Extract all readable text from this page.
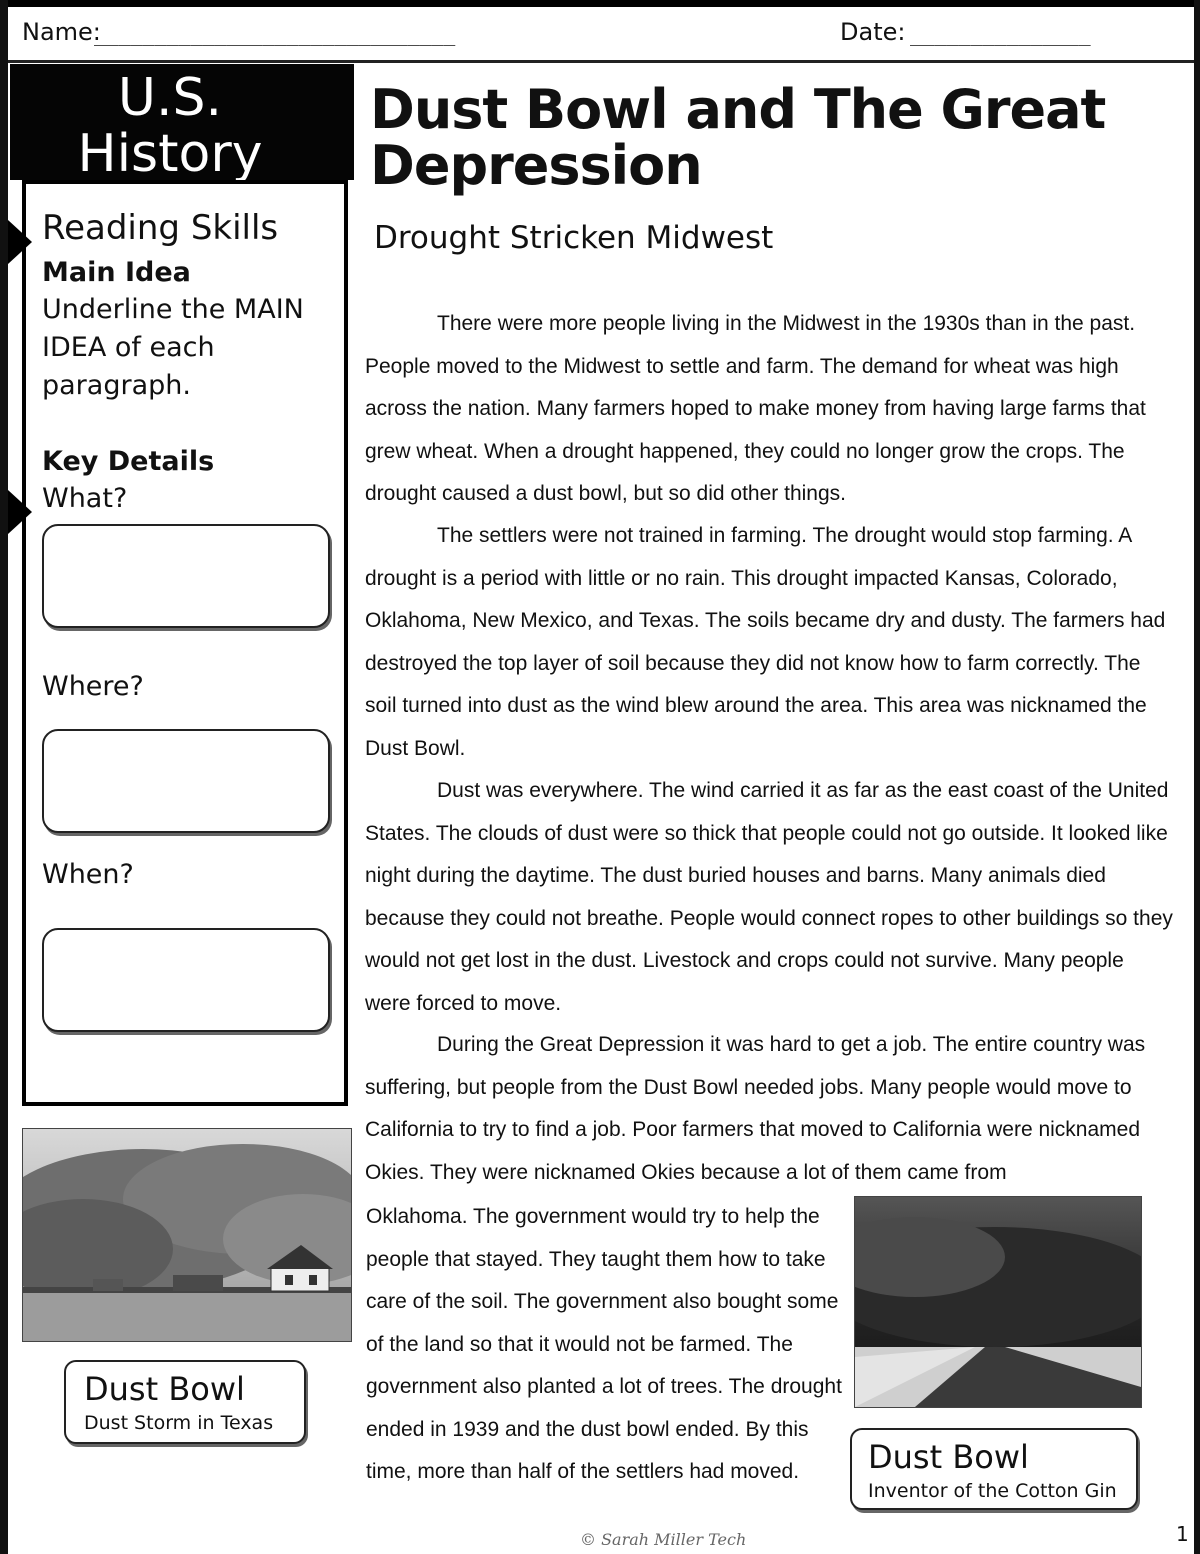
Name:
______________________________	Date: _______________
U.S.
History
Reading Skills
Main Idea
Underline the MAIN
IDEA of each
paragraph.
Key Details
What?
Where?
When?
Dust Bowl and The Great
Depression
Drought Stricken Midwest
There were more people living in the Midwest in the 1930s than in the past. People moved to the Midwest to settle and farm. The demand for wheat was high across the nation. Many farmers hoped to make money from having large farms that grew wheat. When a drought happened, they could no longer grow the crops. The drought caused a dust bowl, but so did other things.
The settlers were not trained in farming. The drought would stop farming. A drought is a period with little or no rain. This drought impacted Kansas, Colorado, Oklahoma, New Mexico, and Texas. The soils became dry and dusty. The farmers had destroyed the top layer of soil because they did not know how to farm correctly. The soil turned into dust as the wind blew around the area. This area was nicknamed the Dust Bowl.
Dust was everywhere. The wind carried it as far as the east coast of the United States. The clouds of dust were so thick that people could not go outside. It looked like night during the daytime. The dust buried houses and barns. Many animals died because they could not breathe. People would connect ropes to other buildings so they would not get lost in the dust. Livestock and crops could not survive. Many people were forced to move.
During the Great Depression it was hard to get a job. The entire country was suffering, but people from the Dust Bowl needed jobs. Many people would move to California to try to find a job. Poor farmers that moved to California were nicknamed Okies. They were nicknamed Okies because a lot of them came from
Oklahoma. The government would try to help the people that stayed. They taught them how to take care of the soil. The government also bought some of the land so that it would not be farmed. The government also planted a lot of trees. The drought ended in 1939 and the dust bowl ended. By this time, more than half of the settlers had moved.
Dust Bowl
Dust Storm in Texas
Dust Bowl
Inventor of the Cotton Gin
© Sarah Miller Tech	1
